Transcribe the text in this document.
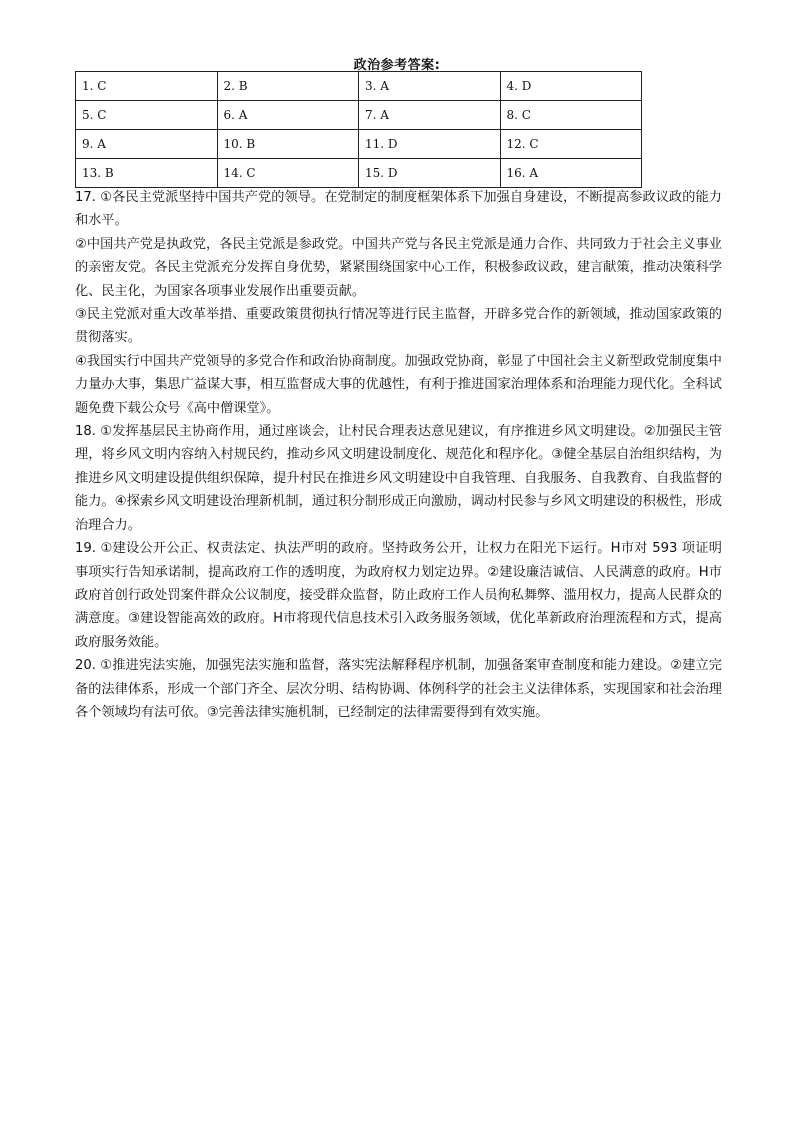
政治参考答案:
1. C	2. B	3. A	4. D
5. C	6. A	7. A	8. C
9. A	10. B	11. D	12. C
13. B	14. C	15. D	16. A

17. ①各民主党派坚持中国共产党的领导。在党制定的制度框架体系下加强自身建设，不断提高参政议政的能力和水平。

②中国共产党是执政党，各民主党派是参政党。中国共产党与各民主党派是通力合作、共同致力于社会主义事业的亲密友党。各民主党派充分发挥自身优势，紧紧围绕国家中心工作，积极参政议政，建言献策，推动决策科学化、民主化，为国家各项事业发展作出重要贡献。

③民主党派对重大改革举措、重要政策贯彻执行情况等进行民主监督，开辟多党合作的新领域，推动国家政策的贯彻落实。

④我国实行中国共产党领导的多党合作和政治协商制度。加强政党协商，彰显了中国社会主义新型政党制度集中力量办大事，集思广益谋大事，相互监督成大事的优越性，有利于推进国家治理体系和治理能力现代化。全科试题免费下载公众号《高中僧课堂》。

18. ①发挥基层民主协商作用，通过座谈会，让村民合理表达意见建议，有序推进乡风文明建设。②加强民主管理，将乡风文明内容纳入村规民约，推动乡风文明建设制度化、规范化和程序化。③健全基层自治组织结构，为推进乡风文明建设提供组织保障，提升村民在推进乡风文明建设中自我管理、自我服务、自我教育、自我监督的能力。④探索乡风文明建设治理新机制，通过积分制形成正向激励，调动村民参与乡风文明建设的积极性，形成治理合力。

19. ①建设公开公正、权责法定、执法严明的政府。坚持政务公开，让权力在阳光下运行。H市对 593 项证明事项实行告知承诺制，提高政府工作的透明度，为政府权力划定边界。②建设廉洁诚信、人民满意的政府。H市政府首创行政处罚案件群众公议制度，接受群众监督，防止政府工作人员徇私舞弊、滥用权力，提高人民群众的满意度。③建设智能高效的政府。H市将现代信息技术引入政务服务领域，优化革新政府治理流程和方式，提高政府服务效能。

20. ①推进宪法实施，加强宪法实施和监督，落实宪法解释程序机制，加强备案审查制度和能力建设。②建立完备的法律体系，形成一个部门齐全、层次分明、结构协调、体例科学的社会主义法律体系，实现国家和社会治理各个领域均有法可依。③完善法律实施机制，已经制定的法律需要得到有效实施。
